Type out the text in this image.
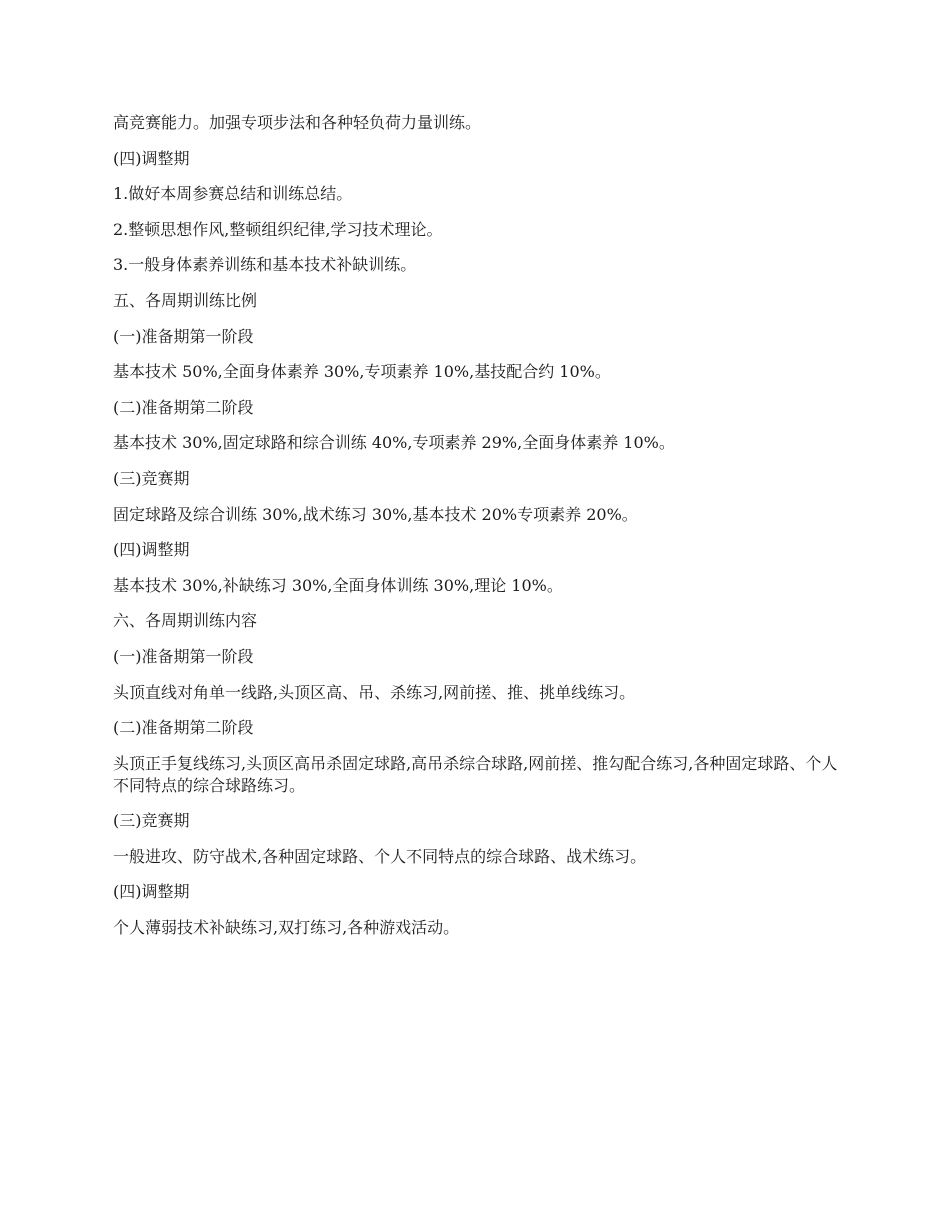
高竞赛能力。加强专项步法和各种轻负荷力量训练。

(四)调整期

1.做好本周参赛总结和训练总结。

2.整顿思想作风,整顿组织纪律,学习技术理论。

3.一般身体素养训练和基本技术补缺训练。

五、各周期训练比例

(一)准备期第一阶段

基本技术 50%,全面身体素养 30%,专项素养 10%,基技配合约 10%。

(二)准备期第二阶段

基本技术 30%,固定球路和综合训练 40%,专项素养 29%,全面身体素养 10%。

(三)竞赛期

固定球路及综合训练 30%,战术练习 30%,基本技术 20%专项素养 20%。

(四)调整期

基本技术 30%,补缺练习 30%,全面身体训练 30%,理论 10%。

六、各周期训练内容

(一)准备期第一阶段

头顶直线对角单一线路,头顶区高、吊、杀练习,网前搓、推、挑单线练习。

(二)准备期第二阶段

头顶正手复线练习,头顶区高吊杀固定球路,高吊杀综合球路,网前搓、推勾配合练习,各种固定球路、个人不同特点的综合球路练习。

(三)竞赛期

一般进攻、防守战术,各种固定球路、个人不同特点的综合球路、战术练习。

(四)调整期

个人薄弱技术补缺练习,双打练习,各种游戏活动。
